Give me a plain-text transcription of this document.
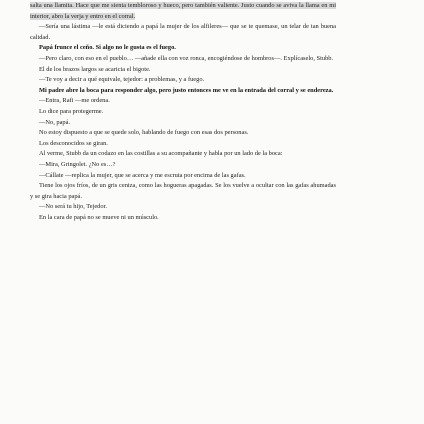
salta una llamita. Hace que me sienta tembloroso y hueco, pero también valiente. Justo cuando se aviva la llama en mi interior, abro la verja y entro en el corral.

—Sería una lástima —le está diciendo a papá la mujer de los alfileres— que se te quemase, un telar de tan buena calidad.

Papá frunce el ceño. Si algo no le gusta es el fuego.

—Pero claro, con eso en el pueblo… —añade ella con voz ronca, encogiéndose de hombros—. Explícaselo, Stubb.

El de los brazos largos se acaricia el bigote.

—Te voy a decir a qué equivale, tejedor: a problemas, y a fuego.

Mi padre abre la boca para responder algo, pero justo entonces me ve en la entrada del corral y se endereza.

—Entra, Rafi —me ordena.

Lo dice para protegerme.

—No, papá.

No estoy dispuesto a que se quede solo, hablando de fuego con esas dos personas.

Los desconocidos se giran.

Al verme, Stubb da un codazo en las costillas a su acompañante y habla por un lado de la boca:

—Mira, Gringolet. ¿No es…?

—Cállate —replica la mujer, que se acerca y me escruta por encima de las gafas.

Tiene los ojos fríos, de un gris ceniza, como las hogueras apagadas. Se los vuelve a ocultar con las gafas ahumadas y se gira hacia papá.

—No será tu hijo, Tejedor.

En la cara de papá no se mueve ni un músculo.
